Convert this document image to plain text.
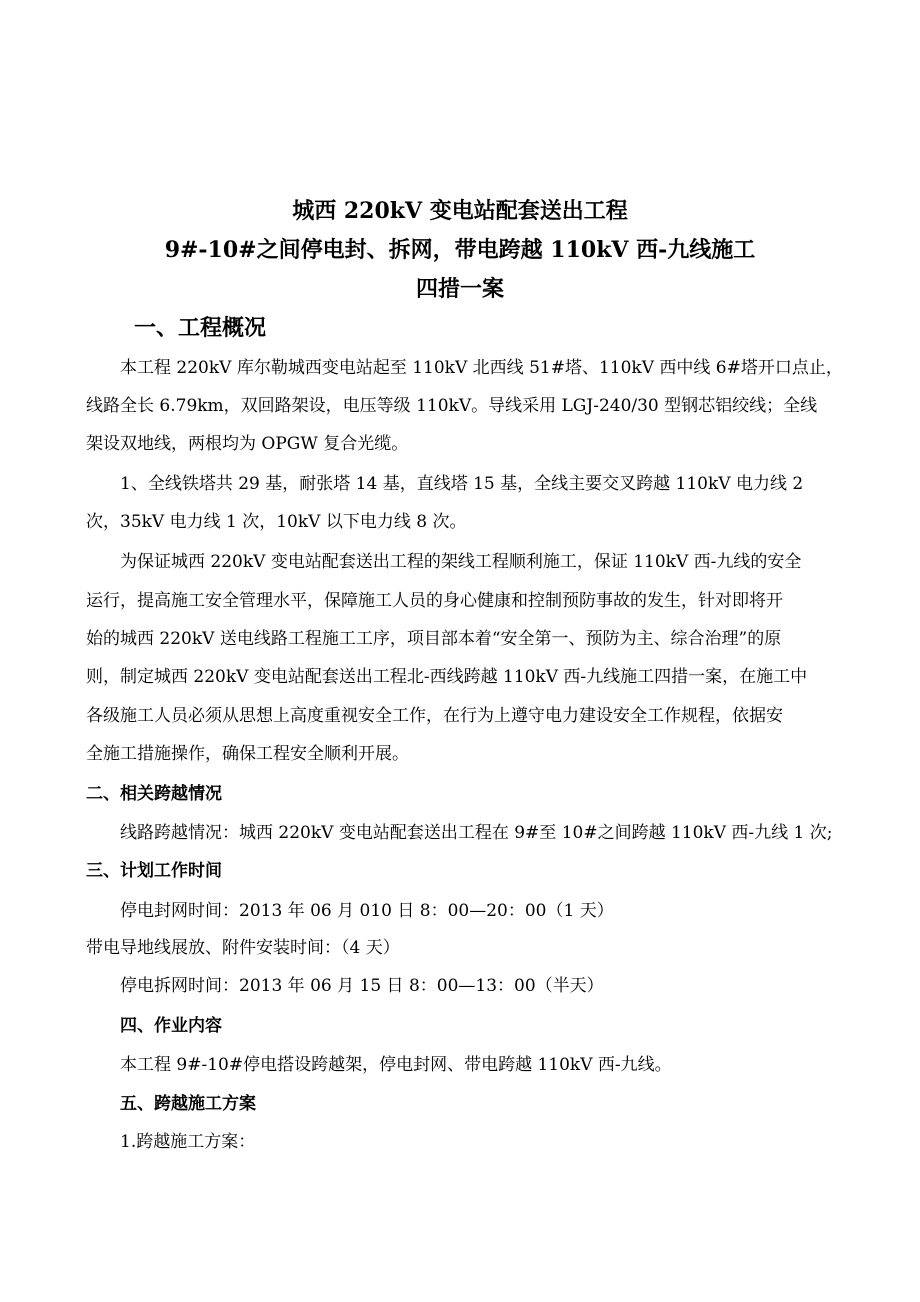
城西 220kV 变电站配套送出工程
9#-10#之间停电封、拆网，带电跨越 110kV 西-九线施工
四措一案
一、工程概况
本工程 220kV 库尔勒城西变电站起至 110kV 北西线 51#塔、110kV 西中线 6#塔开口点止，
线路全长 6.79km，双回路架设，电压等级 110kV。导线采用 LGJ-240/30 型钢芯铝绞线；全线
架设双地线，两根均为 OPGW 复合光缆。
1、全线铁塔共 29 基，耐张塔 14 基，直线塔 15 基，全线主要交叉跨越 110kV 电力线 2
次，35kV 电力线 1 次，10kV 以下电力线 8 次。
为保证城西 220kV 变电站配套送出工程的架线工程顺利施工，保证 110kV 西-九线的安全
运行，提高施工安全管理水平，保障施工人员的身心健康和控制预防事故的发生，针对即将开
始的城西 220kV 送电线路工程施工工序，项目部本着“安全第一、预防为主、综合治理”的原
则，制定城西 220kV 变电站配套送出工程北-西线跨越 110kV 西-九线施工四措一案，在施工中
各级施工人员必须从思想上高度重视安全工作，在行为上遵守电力建设安全工作规程，依据安
全施工措施操作，确保工程安全顺利开展。
二、相关跨越情况
线路跨越情况：城西 220kV 变电站配套送出工程在 9#至 10#之间跨越 110kV 西-九线 1 次;
三、计划工作时间
停电封网时间：2013 年 06 月 010 日 8：00—20：00（1 天）
带电导地线展放、附件安装时间：（4 天）
停电拆网时间：2013 年 06 月 15 日 8：00—13：00（半天）
四、作业内容
本工程 9#-10#停电搭设跨越架，停电封网、带电跨越 110kV 西-九线。
五、跨越施工方案
1.跨越施工方案：
